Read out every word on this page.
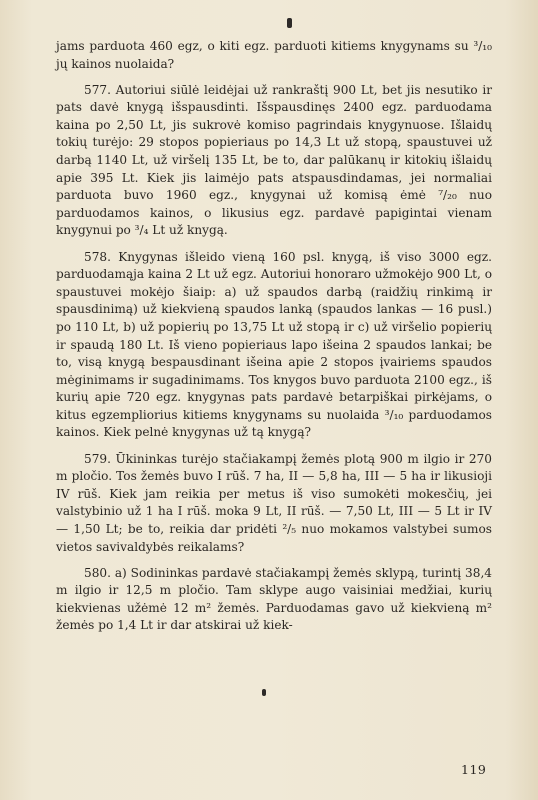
jams parduota 460 egz, o kiti egz. parduoti kitiems knygynams su ³/₁₀ jų kainos nuolaida?

577. Autoriui siūlė leidėjai už rankraštį 900 Lt, bet jis nesutiko ir pats davė knygą išspausdinti. Išspausdinęs 2400 egz. parduodama kaina po 2,50 Lt, jis sukrovė komiso pagrindais knygynuose. Išlaidų tokių turėjo: 29 stopos popieriaus po 14,3 Lt už stopą, spaustuvei už darbą 1140 Lt, už viršelį 135 Lt, be to, dar palūkanų ir kitokių išlaidų apie 395 Lt. Kiek jis laimėjo pats atspausdindamas, jei normaliai parduota buvo 1960 egz., knygynai už komisą ėmė ⁷/₂₀ nuo parduodamos kainos, o likusius egz. pardavė papigintai vienam knygynui po ³/₄ Lt už knygą.

578. Knygynas išleido vieną 160 psl. knygą, iš viso 3000 egz. parduodamąja kaina 2 Lt už egz. Autoriui honoraro užmokėjo 900 Lt, o spaustuvei mokėjo šiaip: a) už spaudos darbą (raidžių rinkimą ir spausdinimą) už kiekvieną spaudos lanką (spaudos lankas — 16 pusl.) po 110 Lt, b) už popierių po 13,75 Lt už stopą ir c) už viršelio popierių ir spaudą 180 Lt. Iš vieno popieriaus lapo išeina 2 spaudos lankai; be to, visą knygą bespausdinant išeina apie 2 stopos įvairiems spaudos mėginimams ir sugadinimams. Tos knygos buvo parduota 2100 egz., iš kurių apie 720 egz. knygynas pats pardavė betarpiškai pirkėjams, o kitus egzempliorius kitiems knygynams su nuolaida ³/₁₀ parduodamos kainos. Kiek pelnė knygynas už tą knygą?

579. Ūkininkas turėjo stačiakampį žemės plotą 900 m ilgio ir 270 m pločio. Tos žemės buvo I rūš. 7 ha, II — 5,8 ha, III — 5 ha ir likusioji IV rūš. Kiek jam reikia per metus iš viso sumokėti mokesčių, jei valstybinio už 1 ha I rūš. moka 9 Lt, II rūš. — 7,50 Lt, III — 5 Lt ir IV — 1,50 Lt; be to, reikia dar pridėti ²/₅ nuo mokamos valstybei sumos vietos savivaldybės reikalams?

580. a) Sodininkas pardavė stačiakampį žemės sklypą, turintį 38,4 m ilgio ir 12,5 m pločio. Tam sklype augo vaisiniai medžiai, kurių kiekvienas užėmė 12 m² žemės. Parduodamas gavo už kiekvieną m² žemės po 1,4 Lt ir dar atskirai už kiek-

119
